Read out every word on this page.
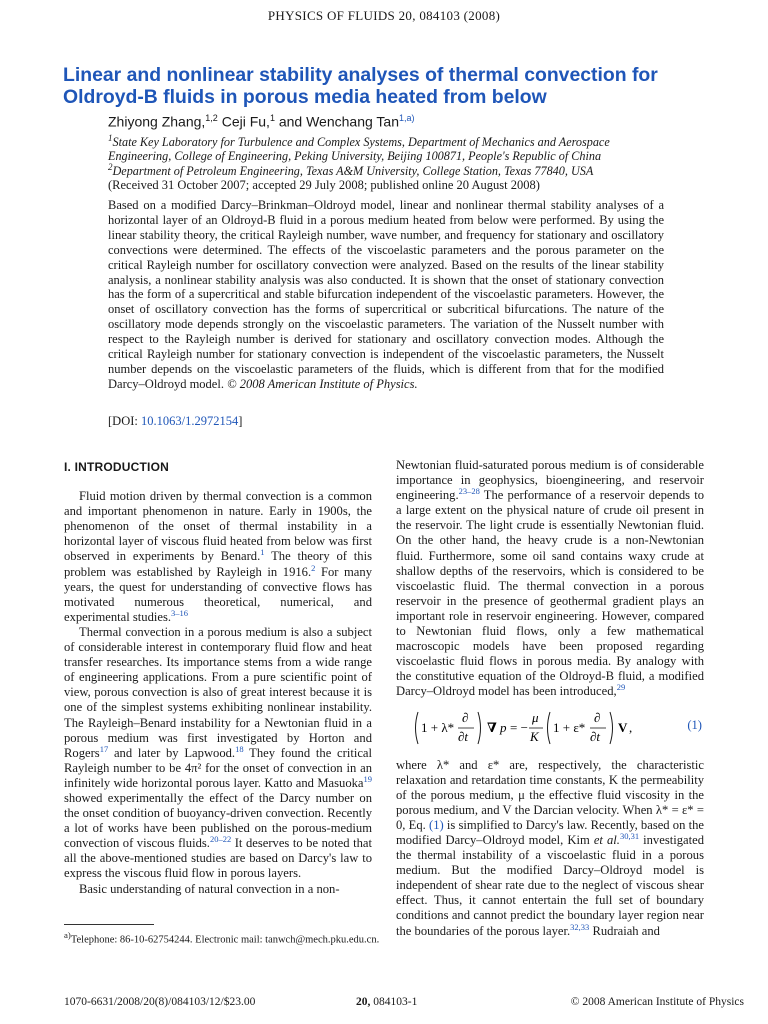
PHYSICS OF FLUIDS 20, 084103 (2008)
Linear and nonlinear stability analyses of thermal convection for Oldroyd-B fluids in porous media heated from below
Zhiyong Zhang,$^{1,2}$ Ceji Fu,$^1$ and Wenchang Tan$^{1,a)}$
$^1$State Key Laboratory for Turbulence and Complex Systems, Department of Mechanics and Aerospace Engineering, College of Engineering, Peking University, Beijing 100871, People's Republic of China
$^2$Department of Petroleum Engineering, Texas A&M University, College Station, Texas 77840, USA
(Received 31 October 2007; accepted 29 July 2008; published online 20 August 2008)
Based on a modified Darcy–Brinkman–Oldroyd model, linear and nonlinear thermal stability analyses of a horizontal layer of an Oldroyd-B fluid in a porous medium heated from below were performed. By using the linear stability theory, the critical Rayleigh number, wave number, and frequency for stationary and oscillatory convections were determined. The effects of the viscoelastic parameters and the porous parameter on the critical Rayleigh number for oscillatory convection were analyzed. Based on the results of the linear stability analysis, a nonlinear stability analysis was also conducted. It is shown that the onset of stationary convection has the form of a supercritical and stable bifurcation independent of the viscoelastic parameters. However, the onset of oscillatory convection has the forms of supercritical or subcritical bifurcations. The nature of the oscillatory mode depends strongly on the viscoelastic parameters. The variation of the Nusselt number with respect to the Rayleigh number is derived for stationary and oscillatory convection modes. Although the critical Rayleigh number for stationary convection is independent of the viscoelastic parameters, the Nusselt number depends on the viscoelastic parameters of the fluids, which is different from that for the modified Darcy–Oldroyd model. © 2008 American Institute of Physics.
[DOI: 10.1063/1.2972154]

I. INTRODUCTION

Fluid motion driven by thermal convection is a common and important phenomenon in nature. Early in 1900s, the phenomenon of the onset of thermal instability in a horizontal layer of viscous fluid heated from below was first observed in experiments by Benard.$^1$ The theory of this problem was established by Rayleigh in 1916.$^2$ For many years, the quest for understanding of convective flows has motivated numerous theoretical, numerical, and experimental studies.$^{3-16}$

Thermal convection in a porous medium is also a subject of considerable interest in contemporary fluid flow and heat transfer researches. Its importance stems from a wide range of engineering applications. From a pure scientific point of view, porous convection is also of great interest because it is one of the simplest systems exhibiting nonlinear instability. The Rayleigh–Benard instability for a Newtonian fluid in a porous medium was first investigated by Horton and Rogers$^{17}$ and later by Lapwood.$^{18}$ They found the critical Rayleigh number to be 4π² for the onset of convection in an infinitely wide horizontal porous layer. Katto and Masuoka$^{19}$ showed experimentally the effect of the Darcy number on the onset condition of buoyancy-driven convection. Recently a lot of works have been published on the porous-medium convection of viscous fluids.$^{20-22}$ It deserves to be noted that all the above-mentioned studies are based on Darcy's law to express the viscous fluid flow in porous layers.

Basic understanding of natural convection in a non-

Newtonian fluid-saturated porous medium is of considerable importance in geophysics, bioengineering, and reservoir engineering.$^{23-28}$ The performance of a reservoir depends to a large extent on the physical nature of crude oil present in the reservoir. The light crude is essentially Newtonian fluid. On the other hand, the heavy crude is a non-Newtonian fluid. Furthermore, some oil sand contains waxy crude at shallow depths of the reservoirs, which is considered to be viscoelastic fluid. The thermal convection in a porous reservoir in the presence of geothermal gradient plays an important role in reservoir engineering. However, compared to Newtonian fluid flows, only a few mathematical macroscopic models have been proposed regarding viscoelastic fluid flows in porous media. By analogy with the constitutive equation of the Oldroyd-B fluid, a modified Darcy–Oldroyd model has been introduced,$^{29}$

1 + λ*
∂
∂t
∇ p = −
μ
K
1 + ε*
∂
∂t
V ,	(1)

where λ* and ε* are, respectively, the characteristic relaxation and retardation time constants, K the permeability of the porous medium, μ the effective fluid viscosity in the porous medium, and V the Darcian velocity. When λ* = ε* = 0, Eq. (1) is simplified to Darcy's law. Recently, based on the modified Darcy–Oldroyd model, Kim et al.$^{30,31}$ investigated the thermal instability of a viscoelastic fluid in a porous medium. But the modified Darcy–Oldroyd model is independent of shear rate due to the neglect of viscous shear effect. Thus, it cannot entertain the full set of boundary conditions and cannot predict the boundary layer region near the boundaries of the porous layer.$^{32,33}$ Rudraiah and

$^{a)}$Telephone: 86-10-62754244. Electronic mail: tanwch@mech.pku.edu.cn.
1070-6631/2008/20(8)/084103/12/$23.00	20, 084103-1	© 2008 American Institute of Physics
